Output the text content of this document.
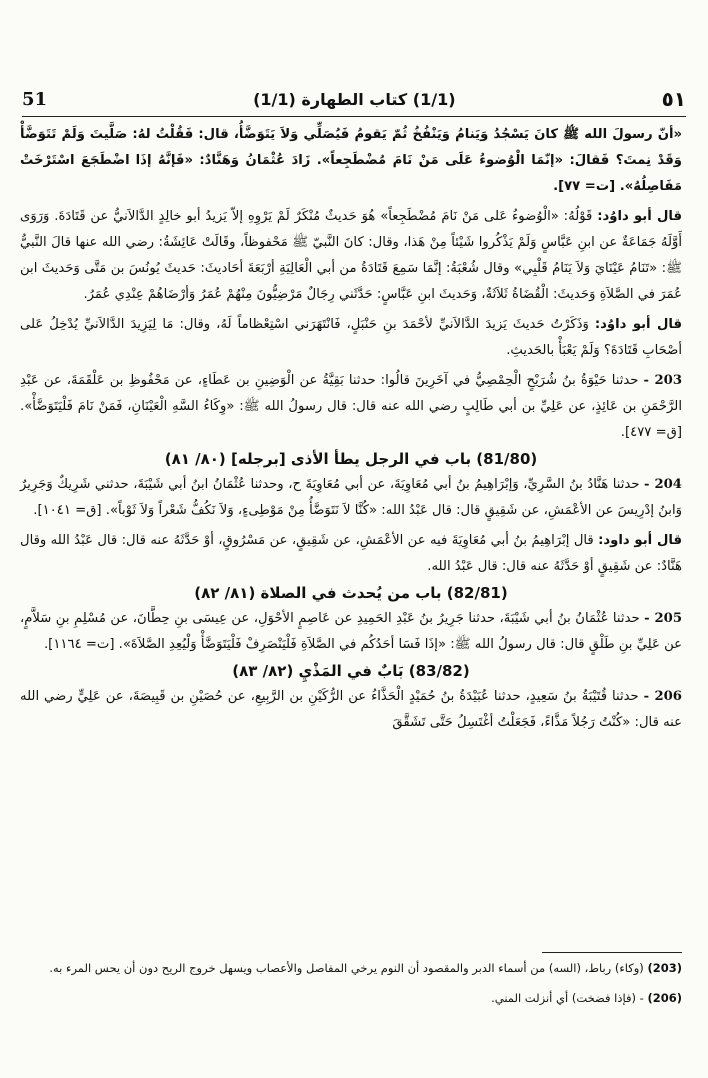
51	(1/1) كتاب الطهارة (1/1)	٥١

«أنّ رسولَ الله ﷺ كانَ يَسْجُدُ وَيَنامُ وَيَنْفُخُ ثُمّ يَقومُ فَيُصَلِّي وَلاَ يَتَوَضَّأُ، قال: فَقُلْتُ لهُ: صَلَّيتَ وَلَمْ تَتَوَضَّأْ وَقَدْ نِمتَ؟ فَقالَ: «إنّمَا الْوُضوءُ عَلَى مَنْ نَامَ مُضْطَجِعاً». زَادَ عُثْمَانُ وَهَنَّادٌ: «فَإنَّهُ إذَا اضْطَجَعَ اسْتَرْخَتْ مَفَاصِلُهُ». [ت= ٧٧].

قال أبو داوُد: قَوْلُهُ: «الْوُضوءُ عَلى مَنْ نَامَ مُضْطَجِعاً» هُوَ حَديثٌ مُنْكَرٌ لَمْ يَرْوِهِ إلاّ يَزيدُ أبو خالِدٍ الدَّالاَنيُّ عن قَتَادَةَ. وَرَوَى أَوَّلَهُ جَمَاعَةٌ عن ابنِ عَبَّاسٍ وَلَمْ يَذْكُروا شَيْئاً مِنْ هَذا، وقال: كانَ النَّبيّ ﷺ مَحْفوظاً، وقَالَتْ عَائِشَةُ: رضي الله عنها قالَ النَّبيُّ ﷺ: «تَنَامُ عَيْنَايَ وَلاَ يَنَامُ قَلْبِي» وقال شُعْبَةُ: إنَّمَا سَمِعَ قَتَادَةُ من أبي الْعَالِيَةِ أرْبَعَةَ أحَاديثَ: حَديثَ يُونُسَ بن مَتَّى وَحَديثَ ابن عُمَرَ في الصَّلاَةِ وَحَديثَ: الْقُضَاةُ ثَلاَثَةٌ، وَحَديثَ ابنِ عَبَّاسٍ: حَدَّثَني رِجَالٌ مَرْضِيُّونَ مِنْهُمْ عُمَرُ وَأرْضَاهُمْ عِنْدِي عُمَرُ.

قال أبو داوُد: وَذَكَرْتُ حَديثَ يَزيدَ الدَّالاَنيِّ لأحْمَدَ بنِ حَنْبَلٍ، فَانْتَهَرَني اسْتِعْظاماً لَهُ، وقال: مَا لِيَزِيدَ الدَّالاَنيِّ يُدْخِلُ عَلى أصْحَابِ قَتَادَةَ؟ وَلَمْ يَعْبَأْ بالحَديثِ.

203 - حدثنا حَيْوَةُ بنُ شُرَيْحٍ الْحِمْصِيُّ في آخَرِينَ قالُوا: حدثنا بَقِيَّةُ عن الْوَضِينِ بن عَطَاءٍ، عن مَحْفُوظِ بن عَلْقَمَةَ، عن عَبْدِ الرَّحْمَنِ بن عَائِذٍ، عن عَلِيِّ بن أبي طَالِبٍ رضي الله عنه قال: قال رسولُ الله ﷺ: «وِكَاءُ السَّهِ الْعَيْنَانِ، فَمَنْ نَامَ فَلْيَتَوَضَّأْ». [ق= ٤٧٧].

(81/80) باب في الرجل يطأ الأذى [برجله] (٨٠/ ٨١)

204 - حدثنا هَنَّادُ بنُ السَّرِيِّ، وَإبْرَاهِيمُ بنُ أبي مُعَاوِيَةَ، عن أبي مُعَاوِيَةَ ح، وحدثنا عُثْمَانُ ابنُ أبي شَيْبَةَ، حدثني شَرِيكٌ وَجَرِيرٌ وَابنُ إدْرِيسَ عن الأعْمَشِ، عن شَقِيقٍ قال: قال عَبْدُ الله: «كُنَّا لاَ نَتَوَضَّأُ مِنْ مَوْطِىءٍ، وَلاَ نَكُفُّ شَعْراً وَلاَ ثَوْباً». [ق= ١٠٤١].

قال أبو داود: قال إبْرَاهِيمُ بنُ أبي مُعَاوِيَةَ فيه عن الأعْمَشِ، عن شَقِيقٍ، عن مَسْرُوقٍ، أوْ حَدَّثَهُ عنه قال: قال عَبْدُ الله وقال هَنَّادٌ: عن شَقِيقٍ أوْ حَدَّثَهُ عنه قال: قال عَبْدُ الله.

(82/81) باب من يُحدث في الصلاة (٨١/ ٨٢)

205 - حدثنا عُثْمَانُ بنُ أبي شَيْبَةَ، حدثنا جَرِيرُ بنُ عَبْدِ الحَمِيدِ عن عَاصِمٍ الأحْوَلِ، عن عِيسَى بنِ حِطَّانَ، عن مُسْلِمِ بنِ سَلاَّمٍ، عن عَلِيِّ بنِ طَلْقٍ قال: قال رسولُ الله ﷺ: «إذَا فَسَا أحَدُكُم في الصَّلاَةِ فَلْيَنْصَرِفْ فَلْيَتَوَضَّأْ وَلْيُعِدِ الصَّلاَةَ». [ت= ١١٦٤].

(83/82) بَابٌ في المَذْيِ (٨٢/ ٨٣)

206 - حدثنا قُتَيْبَةُ بنُ سَعِيدٍ، حدثنا عُبَيْدَةُ بنُ حُمَيْدٍ الْحَذَّاءُ عن الرُّكَيْنِ بن الرَّبِيعِ، عن حُصَيْنِ بن قَبِيصَةَ، عن عَلِيٍّ رضي الله عنه قال: «كُنْتُ رَجُلاً مَذَّاءً، فَجَعَلْتُ أغْتَسِلُ حَتَّى تَشَقَّقَ

(203) (وكاء) رباط، (السه) من أسماء الدبر والمقصود أن النوم يرخي المفاصل والأعصاب ويسهل خروج الريح دون أن يحس المرء به.

(206) - (فإذا فضخت) أي أنزلت المني.
